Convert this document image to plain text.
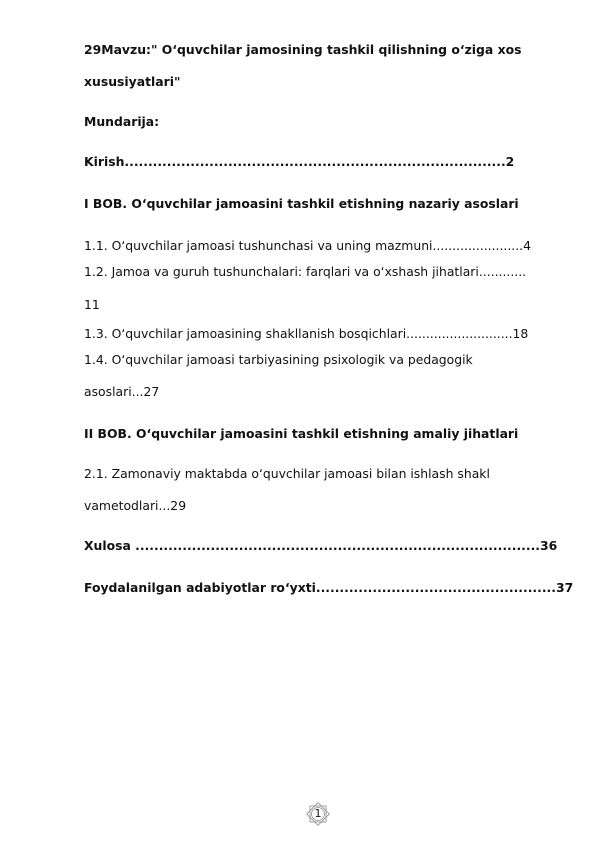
29Mavzu:" O‘quvchilar jamosining tashkil qilishning o‘ziga xos

xususiyatlari"

Mundarija:

Kirish.................................................................................2

I BOB. O‘quvchilar jamoasini tashkil etishning nazariy asoslari

1.1. O‘quvchilar jamoasi tushunchasi va uning mazmuni.......................4

1.2. Jamoa va guruh tushunchalari: farqlari va o‘xshash jihatlari............

11

1.3. O‘quvchilar jamoasining shakllanish bosqichlari...........................18

1.4. O‘quvchilar jamoasi tarbiyasining psixologik va pedagogik

asoslari...27

II BOB. O‘quvchilar jamoasini tashkil etishning amaliy jihatlari

2.1. Zamonaviy maktabda o‘quvchilar jamoasi bilan ishlash shakl

vametodlari...29

Xulosa ......................................................................................36

Foydalanilgan adabiyotlar ro‘yxti...................................................37

1
